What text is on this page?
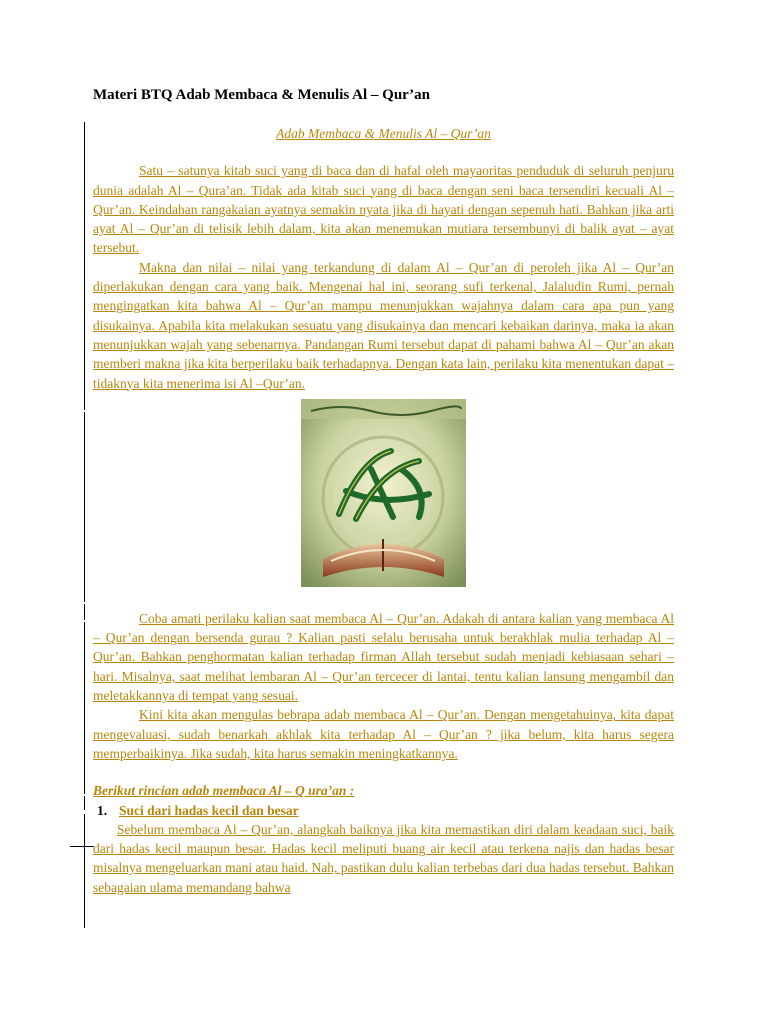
Materi BTQ Adab Membaca & Menulis Al – Qur’an

Adab Membaca & Menulis Al – Qur’an

Satu – satunya kitab suci yang di baca dan di hafal oleh mayaoritas penduduk di seluruh penjuru dunia adalah Al – Qura’an. Tidak ada kitab suci yang di baca dengan seni baca tersendiri kecuali Al –Qur’an. Keindahan rangakaian ayatnya semakin nyata jika di hayati dengan sepenuh hati. Bahkan jika arti ayat Al – Qur’an di telisik lebih dalam, kita akan menemukan mutiara tersembunyi di balik ayat – ayat tersebut.

Makna dan nilai – nilai yang terkandung di dalam Al – Qur’an di peroleh jika Al – Qur’an diperlakukan dengan cara yang baik. Mengenai hal ini, seorang sufi terkenal, Jalaludin Rumi, pernah mengingatkan kita bahwa Al – Qur’an mampu menunjukkan wajahnya dalam cara apa pun yang disukainya. Apabila kita melakukan sesuatu yang disukainya dan mencari kebaikan darinya, maka ia akan menunjukkan wajah yang sebenarnya. Pandangan Rumi tersebut dapat di pahami bahwa Al – Qur’an akan memberi makna jika kita berperilaku baik terhadapnya. Dengan kata lain, perilaku kita menentukan dapat – tidaknya kita menerima isi Al –Qur’an.

Coba amati perilaku kalian saat membaca Al – Qur’an. Adakah di antara kalian yang membaca Al – Qur’an dengan bersenda gurau ? Kalian pasti selalu berusaha untuk berakhlak mulia terhadap Al – Qur’an. Bahkan penghormatan kalian terhadap firman Allah tersebut sudah menjadi kebiasaan sehari – hari. Misalnya, saat melihat lembaran Al – Qur’an tercecer di lantai, tentu kalian lansung mengambil dan meletakkannya di tempat yang sesuai.

Kini kita akan mengulas bebrapa adab membaca Al – Qur’an. Dengan mengetahuinya, kita dapat mengevaluasi, sudah benarkah akhlak kita terhadap Al – Qur’an ? jika belum, kita harus segera memperbaikinya. Jika sudah, kita harus semakin meningkatkannya.

Berikut rincian adab membaca Al – Q ura’an :

1. Suci dari hadas kecil dan besar

Sebelum membaca Al – Qur’an, alangkah baiknya jika kita memastikan diri dalam keadaan suci, baik dari hadas kecil maupun besar. Hadas kecil meliputi buang air kecil atau terkena najis dan hadas besar misalnya mengeluarkan mani atau haid. Nah, pastikan dulu kalian terbebas dari dua hadas tersebut. Bahkan sebagaian ulama memandang bahwa
